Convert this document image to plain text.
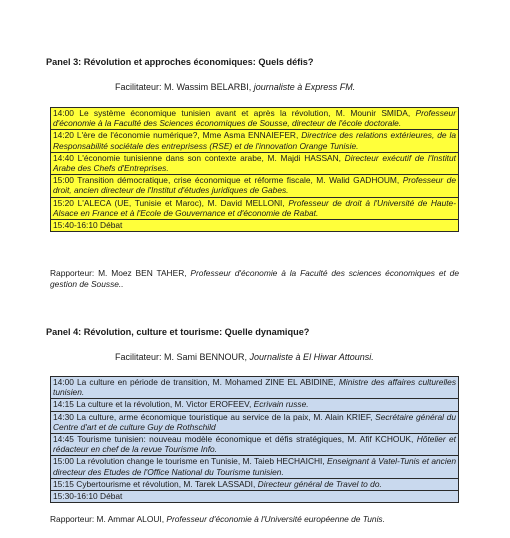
Panel 3: Révolution et approches économiques: Quels défis?
Facilitateur: M. Wassim BELARBI, journaliste à Express FM.
14:00 Le système économique tunisien avant et après la révolution, M. Mounir SMIDA, Professeur d'économie à la Faculté des Sciences économiques de Sousse, directeur de l'école doctorale.
14:20 L'ère de l'économie numérique?, Mme Asma ENNAIEFER, Directrice des relations extérieures, de la Responsabilité sociétale des entreprisess (RSE) et de l'innovation Orange Tunisie.
14:40 L'économie tunisienne dans son contexte arabe, M. Majdi HASSAN, Directeur exécutif de l'Institut Arabe des Chefs d'Entreprises.
15:00 Transition démocratique, crise économique et réforme fiscale, M. Walid GADHOUM, Professeur de droit, ancien directeur de l'Institut d'études juridiques de Gabes.
15:20 L'ALECA (UE, Tunisie et Maroc), M. David MELLONI, Professeur de droit à l'Université de Haute-Alsace en France et à l'Ecole de Gouvernance et d'économie de Rabat.
15:40-16:10 Débat
Rapporteur: M. Moez BEN TAHER, Professeur d'économie à la Faculté des sciences économiques et de gestion de Sousse..
Panel 4: Révolution, culture et tourisme: Quelle dynamique?
Facilitateur: M. Sami BENNOUR, Journaliste à El Hiwar Attounsi.
14:00 La culture en période de transition, M. Mohamed ZINE EL ABIDINE, Ministre des affaires culturelles tunisien.
14:15 La culture et la révolution, M. Victor EROFEEV, Ecrivain russe.
14:30 La culture, arme économique touristique au service de la paix, M. Alain KRIEF, Secrétaire général du Centre d'art et de culture Guy de Rothschild
14:45 Tourisme tunisien: nouveau modèle économique et défis stratégiques, M. Afif KCHOUK, Hôtelier et rédacteur en chef de la revue Tourisme Info.
15:00 La révolution change le tourisme en Tunisie, M. Taieb HECHAICHI, Enseignant à Vatel-Tunis et ancien directeur des Etudes de l'Office National du Tourisme tunisien.
15:15 Cybertourisme et révolution, M. Tarek LASSADI, Directeur général de Travel to do.
15:30-16:10 Débat
Rapporteur: M. Ammar ALOUI, Professeur d'économie à l'Université européenne de Tunis.
